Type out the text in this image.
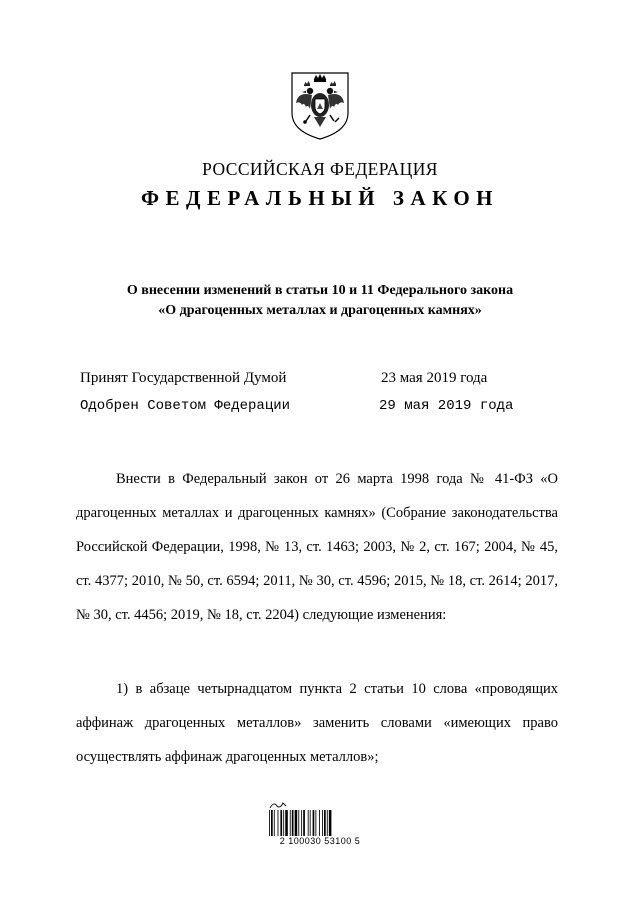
РОССИЙСКАЯ ФЕДЕРАЦИЯ
ФЕДЕРАЛЬНЫЙ ЗАКОН
О внесении изменений в статьи 10 и 11 Федерального закона
«О драгоценных металлах и драгоценных камнях»
Принят Государственной Думой	23 мая 2019 года
Одобрен Советом Федерации	29 мая 2019 года
Внести в Федеральный закон от 26 марта 1998 года № 41-ФЗ «О драгоценных металлах и драгоценных камнях» (Собрание законодательства Российской Федерации, 1998, № 13, ст. 1463; 2003, № 2, ст. 167; 2004, № 45, ст. 4377; 2010, № 50, ст. 6594; 2011, № 30, ст. 4596; 2015, № 18, ст. 2614; 2017, № 30, ст. 4456; 2019, № 18, ст. 2204) следующие изменения:
1) в абзаце четырнадцатом пункта 2 статьи 10 слова «проводящих аффинаж драгоценных металлов» заменить словами «имеющих право осуществлять аффинаж драгоценных металлов»;
2 100030 53100 5
